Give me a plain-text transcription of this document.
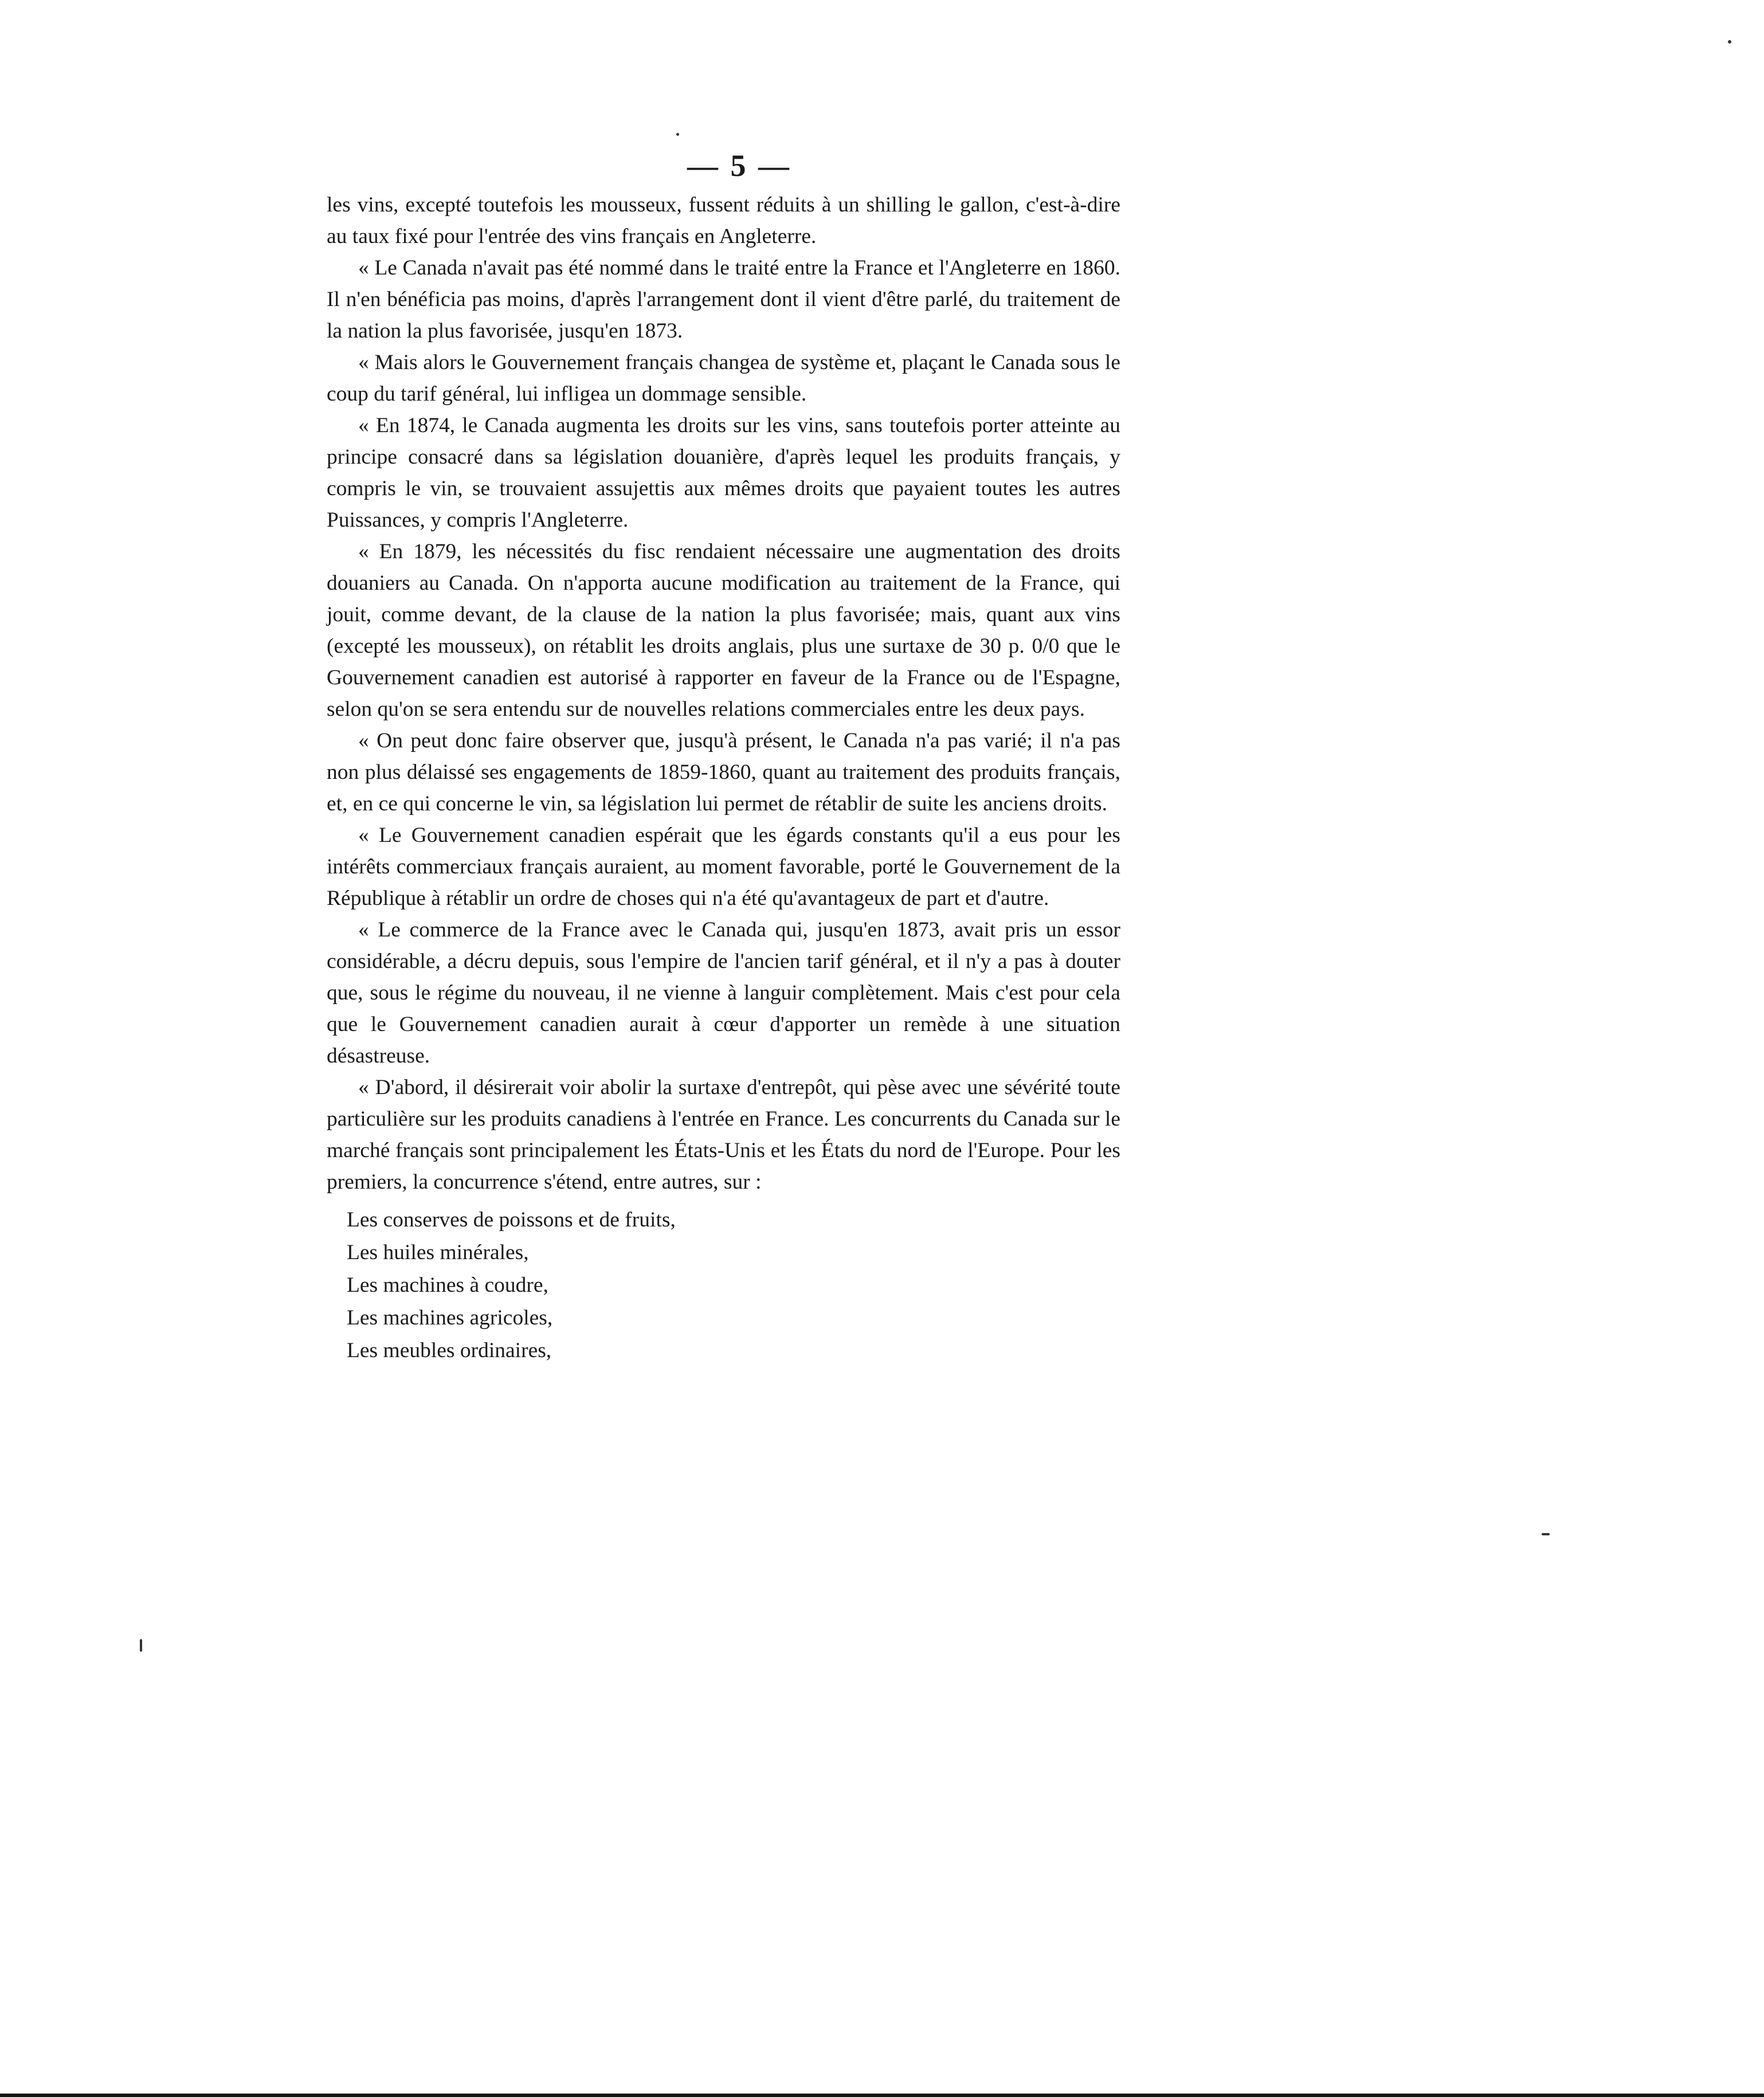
— 5 —

les vins, excepté toutefois les mousseux, fussent réduits à un shilling le gallon, c'est-à-dire au taux fixé pour l'entrée des vins français en Angleterre.

« Le Canada n'avait pas été nommé dans le traité entre la France et l'Angleterre en 1860. Il n'en bénéficia pas moins, d'après l'arrangement dont il vient d'être parlé, du traitement de la nation la plus favorisée, jusqu'en 1873.

« Mais alors le Gouvernement français changea de système et, plaçant le Canada sous le coup du tarif général, lui infligea un dommage sensible.

« En 1874, le Canada augmenta les droits sur les vins, sans toutefois porter atteinte au principe consacré dans sa législation douanière, d'après lequel les produits français, y compris le vin, se trouvaient assujettis aux mêmes droits que payaient toutes les autres Puissances, y compris l'Angleterre.

« En 1879, les nécessités du fisc rendaient nécessaire une augmentation des droits douaniers au Canada. On n'apporta aucune modification au traitement de la France, qui jouit, comme devant, de la clause de la nation la plus favorisée; mais, quant aux vins (excepté les mousseux), on rétablit les droits anglais, plus une surtaxe de 30 p. 0/0 que le Gouvernement canadien est autorisé à rapporter en faveur de la France ou de l'Espagne, selon qu'on se sera entendu sur de nouvelles relations commerciales entre les deux pays.

« On peut donc faire observer que, jusqu'à présent, le Canada n'a pas varié; il n'a pas non plus délaissé ses engagements de 1859-1860, quant au traitement des produits français, et, en ce qui concerne le vin, sa législation lui permet de rétablir de suite les anciens droits.

« Le Gouvernement canadien espérait que les égards constants qu'il a eus pour les intérêts commerciaux français auraient, au moment favorable, porté le Gouvernement de la République à rétablir un ordre de choses qui n'a été qu'avantageux de part et d'autre.

« Le commerce de la France avec le Canada qui, jusqu'en 1873, avait pris un essor considérable, a décru depuis, sous l'empire de l'ancien tarif général, et il n'y a pas à douter que, sous le régime du nouveau, il ne vienne à languir complètement. Mais c'est pour cela que le Gouvernement canadien aurait à cœur d'apporter un remède à une situation désastreuse.

« D'abord, il désirerait voir abolir la surtaxe d'entrepôt, qui pèse avec une sévérité toute particulière sur les produits canadiens à l'entrée en France. Les concurrents du Canada sur le marché français sont principalement les États-Unis et les États du nord de l'Europe. Pour les premiers, la concurrence s'étend, entre autres, sur :

Les conserves de poissons et de fruits,
Les huiles minérales,
Les machines à coudre,
Les machines agricoles,
Les meubles ordinaires,
